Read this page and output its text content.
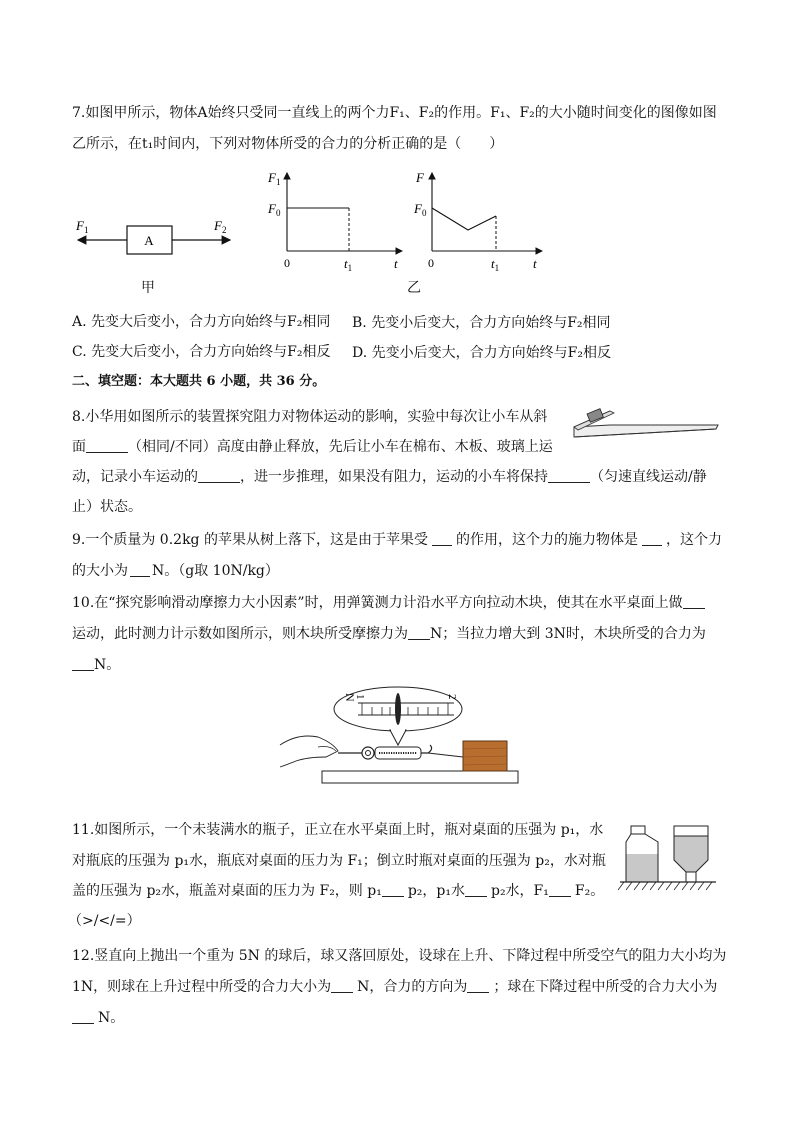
7.如图甲所示，物体A始终只受同一直线上的两个力F₁、F₂的作用。F₁、F₂的大小随时间变化的图像如图
乙所示，在t₁时间内，下列对物体所受的合力的分析正确的是（　　）
A
$F_1$	$F_2$
甲
$F_1$
$F_0$
0	$t_1$	t
F
$F_0$
0	$t_1$	t
乙
A. 先变大后变小，合力方向始终与F₂相同 B. 先变小后变大，合力方向始终与F₂相同
C. 先变大后变小，合力方向始终与F₂相反 D. 先变小后变大，合力方向始终与F₂相反
二、填空题：本大题共 6 小题，共 36 分。
8.小华用如图所示的装置探究阻力对物体运动的影响，实验中每次让小车从斜
面	（相同/不同）高度由静止释放，先后让小车在棉布、木板、玻璃上运
动，记录小车运动的	，进一步推理，如果没有阻力，运动的小车将保持	（匀速直线运动/静
止）状态。
9.一个质量为 0.2kg 的苹果从树上落下，这是由于苹果受 的作用，这个力的施力物体是 ，这个力
的大小为 N。（g取 10N/kg）
10.在“探究影响滑动摩擦力大小因素”时，用弹簧测力计沿水平方向拉动木块，使其在水平桌面上做
运动，此时测力计示数如图所示，则木块所受摩擦力为 N；当拉力增大到 3N时，木块所受的合力为
N。
N
1	2
11.如图所示，一个未装满水的瓶子，正立在水平桌面上时，瓶对桌面的压强为 p₁，水
对瓶底的压强为 p₁水，瓶底对桌面的压力为 F₁；倒立时瓶对桌面的压强为 p₂，水对瓶
盖的压强为 p₂水，瓶盖对桌面的压力为 F₂，则 p₁ p₂，p₁水 p₂水，F₁ F₂。
（>/</=）
12.竖直向上抛出一个重为 5N 的球后，球又落回原处，设球在上升、下降过程中所受空气的阻力大小均为
1N，则球在上升过程中所受的合力大小为 N，合力的方向为 ；球在下降过程中所受的合力大小为
N。
